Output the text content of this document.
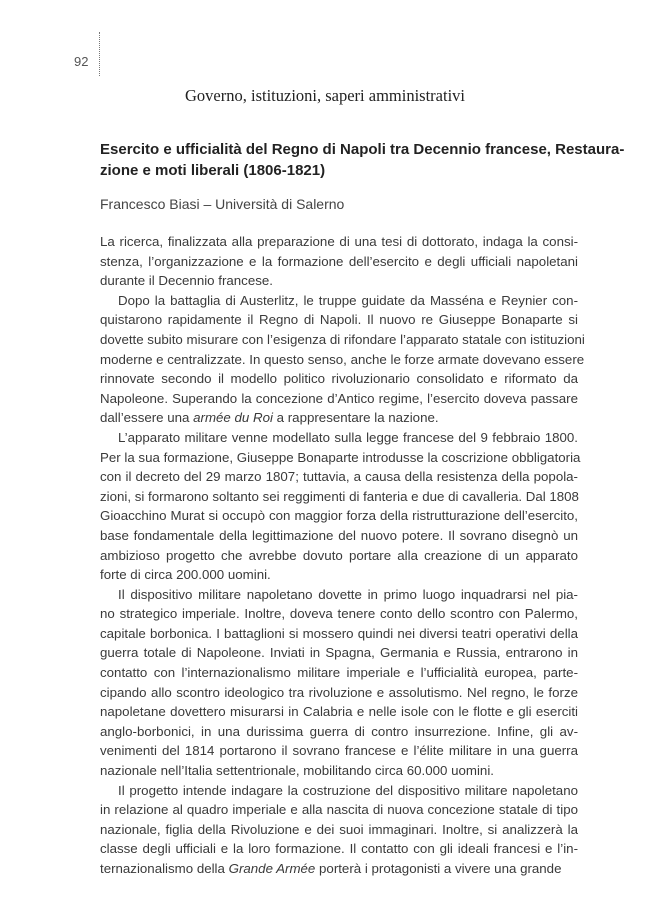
92
Governo, istituzioni, saperi amministrativi
Esercito e ufficialità del Regno di Napoli tra Decennio francese, Restaura-
zione e moti liberali (1806-1821)
Francesco Biasi – Università di Salerno

La ricerca, finalizzata alla preparazione di una tesi di dottorato, indaga la consi-
stenza, l’organizzazione e la formazione dell’esercito e degli ufficiali napoletani
durante il Decennio francese.

Dopo la battaglia di Austerlitz, le truppe guidate da Masséna e Reynier con-
quistarono rapidamente il Regno di Napoli. Il nuovo re Giuseppe Bonaparte si
dovette subito misurare con l’esigenza di rifondare l’apparato statale con istituzioni
moderne e centralizzate. In questo senso, anche le forze armate dovevano essere
rinnovate secondo il modello politico rivoluzionario consolidato e riformato da
Napoleone. Superando la concezione d’Antico regime, l’esercito doveva passare
dall’essere una armée du Roi a rappresentare la nazione.

L’apparato militare venne modellato sulla legge francese del 9 febbraio 1800.
Per la sua formazione, Giuseppe Bonaparte introdusse la coscrizione obbligatoria
con il decreto del 29 marzo 1807; tuttavia, a causa della resistenza della popola-
zioni, si formarono soltanto sei reggimenti di fanteria e due di cavalleria. Dal 1808
Gioacchino Murat si occupò con maggior forza della ristrutturazione dell’esercito,
base fondamentale della legittimazione del nuovo potere. Il sovrano disegnò un
ambizioso progetto che avrebbe dovuto portare alla creazione di un apparato
forte di circa 200.000 uomini.

Il dispositivo militare napoletano dovette in primo luogo inquadrarsi nel pia-
no strategico imperiale. Inoltre, doveva tenere conto dello scontro con Palermo,
capitale borbonica. I battaglioni si mossero quindi nei diversi teatri operativi della
guerra totale di Napoleone. Inviati in Spagna, Germania e Russia, entrarono in
contatto con l’internazionalismo militare imperiale e l’ufficialità europea, parte-
cipando allo scontro ideologico tra rivoluzione e assolutismo. Nel regno, le forze
napoletane dovettero misurarsi in Calabria e nelle isole con le flotte e gli eserciti
anglo-borbonici, in una durissima guerra di contro insurrezione. Infine, gli av-
venimenti del 1814 portarono il sovrano francese e l’élite militare in una guerra
nazionale nell’Italia settentrionale, mobilitando circa 60.000 uomini.

Il progetto intende indagare la costruzione del dispositivo militare napoletano
in relazione al quadro imperiale e alla nascita di nuova concezione statale di tipo
nazionale, figlia della Rivoluzione e dei suoi immaginari. Inoltre, si analizzerà la
classe degli ufficiali e la loro formazione. Il contatto con gli ideali francesi e l’in-
ternazionalismo della Grande Armée porterà i protagonisti a vivere una grande
